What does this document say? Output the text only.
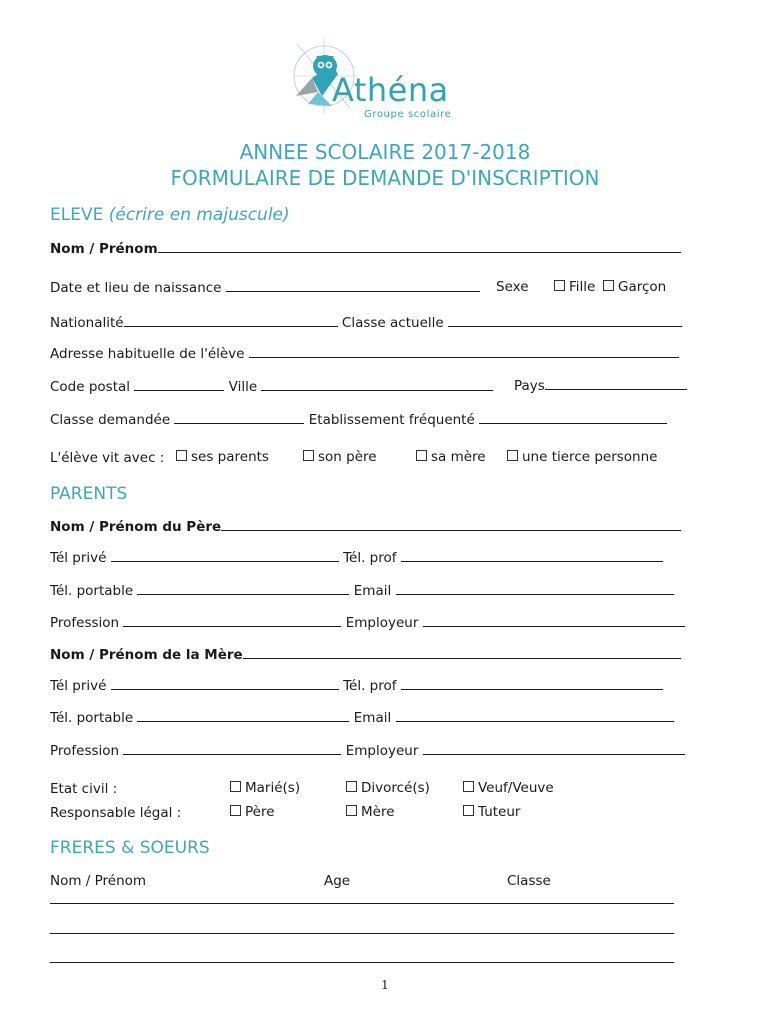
Athéna
Groupe scolaire
ANNEE SCOLAIRE 2017-2018
FORMULAIRE DE DEMANDE D'INSCRIPTION
ELEVE (écrire en majuscule)
Nom / Prénom
Date et lieu de naissance	Sexe	Fille	Garçon
Nationalité	Classe actuelle
Adresse habituelle de l'élève
Code postal	Ville	Pays
Classe demandée	Etablissement fréquenté
L'élève vit avec :	ses parents	son père	sa mère	une tierce personne
PARENTS
Nom / Prénom du Père
Tél privé	Tél. prof
Tél. portable	Email
Profession	Employeur
Nom / Prénom de la Mère
Tél privé	Tél. prof
Tél. portable	Email
Profession	Employeur
Etat civil :	Marié(s)	Divorcé(s)	Veuf/Veuve
Responsable légal :	Père	Mère	Tuteur
FRERES & SOEURS
Nom / Prénom	Age	Classe
1
